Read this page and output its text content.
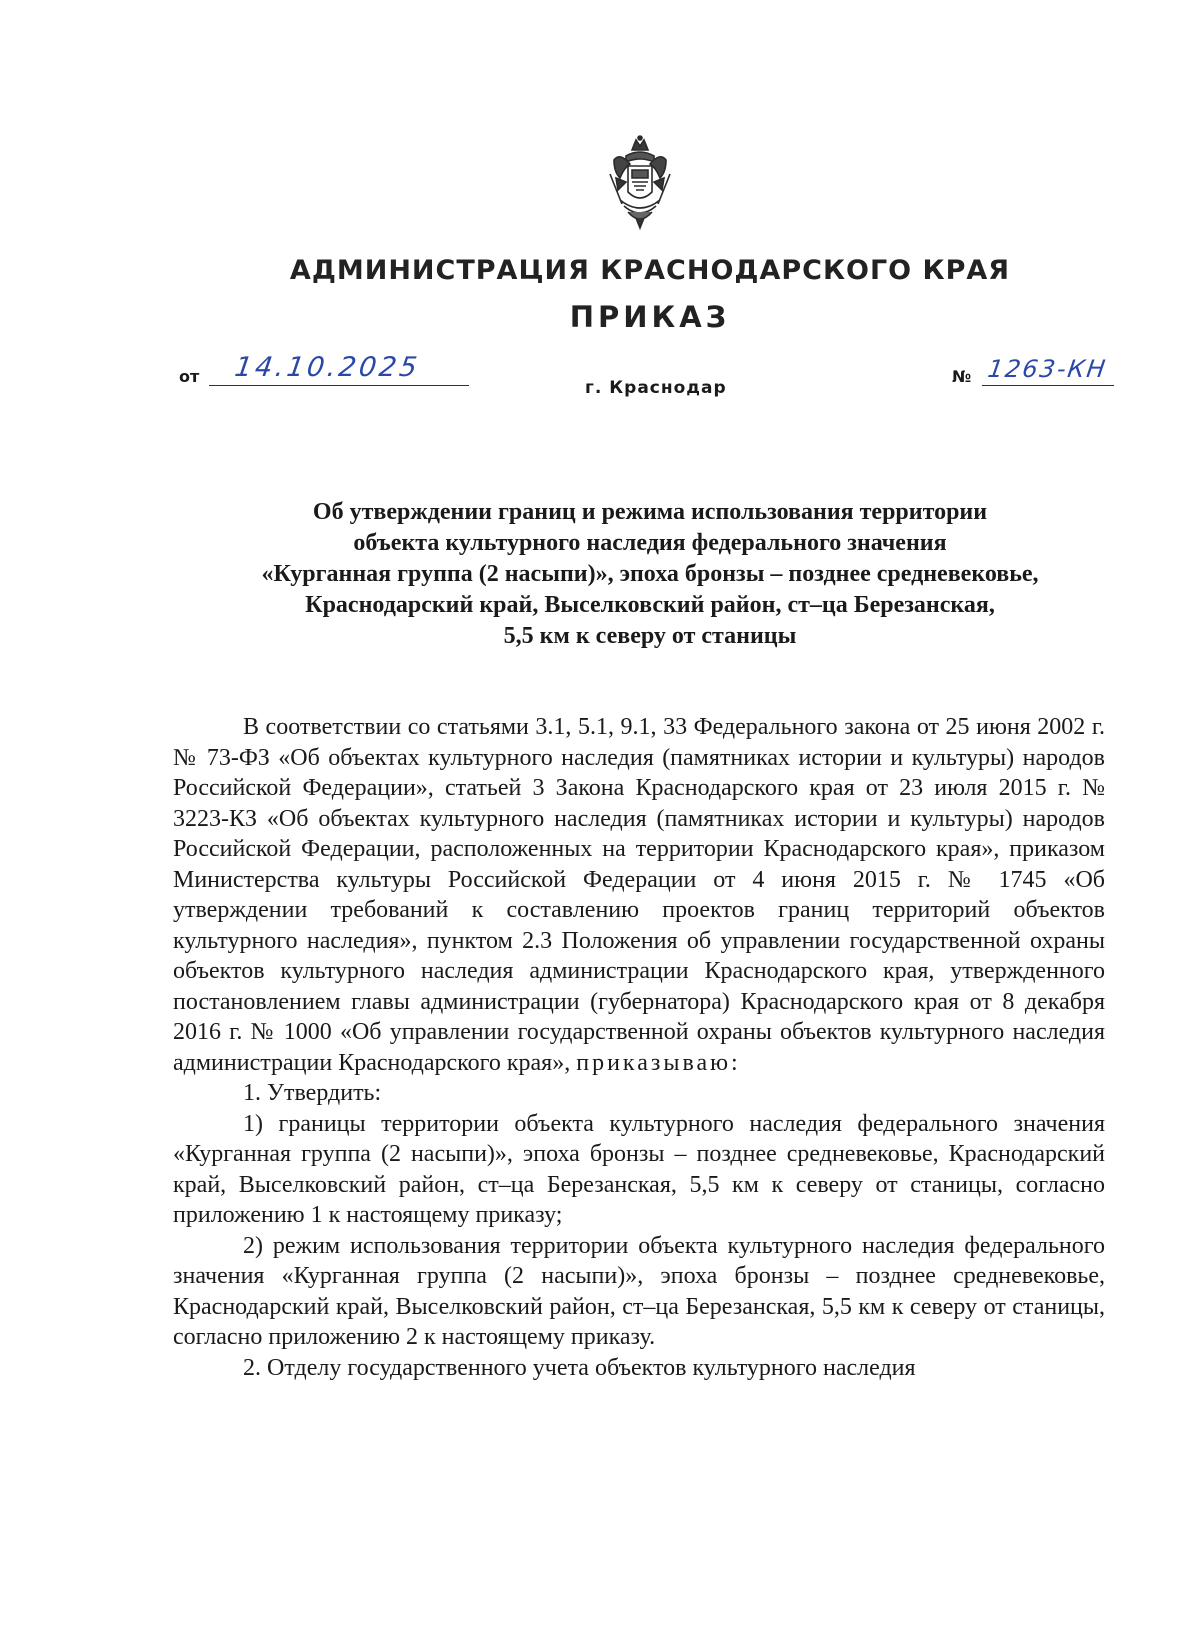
АДМИНИСТРАЦИЯ КРАСНОДАРСКОГО КРАЯ
ПРИКАЗ
от 14.10.2025
г. Краснодар
№ 1263-КН
Об утверждении границ и режима использования территории
объекта культурного наследия федерального значения
«Курганная группа (2 насыпи)», эпоха бронзы – позднее средневековье,
Краснодарский край, Выселковский район, ст–ца Березанская,
5,5 км к северу от станицы

В соответствии со статьями 3.1, 5.1, 9.1, 33 Федерального закона от 25 июня 2002 г. № 73-ФЗ «Об объектах культурного наследия (памятниках истории и культуры) народов Российской Федерации», статьей 3 Закона Краснодарского края от 23 июля 2015 г. № 3223-КЗ «Об объектах культурного наследия (памятниках истории и культуры) народов Российской Федерации, расположенных на территории Краснодарского края», приказом Министерства культуры Российской Федерации от 4 июня 2015 г. № 1745 «Об утверждении требований к составлению проектов границ территорий объектов культурного наследия», пунктом 2.3 Положения об управлении государственной охраны объектов культурного наследия администрации Краснодарского края, утвержденного постановлением главы администрации (губернатора) Краснодарского края от 8 декабря 2016 г. № 1000 «Об управлении государственной охраны объектов культурного наследия администрации Краснодарского края», приказываю:

1. Утвердить:

1) границы территории объекта культурного наследия федерального значения «Курганная группа (2 насыпи)», эпоха бронзы – позднее средневековье, Краснодарский край, Выселковский район, ст–ца Березанская, 5,5 км к северу от станицы, согласно приложению 1 к настоящему приказу;

2) режим использования территории объекта культурного наследия федерального значения «Курганная группа (2 насыпи)», эпоха бронзы – позднее средневековье, Краснодарский край, Выселковский район, ст–ца Березанская, 5,5 км к северу от станицы, согласно приложению 2 к настоящему приказу.

2. Отделу государственного учета объектов культурного наследия
